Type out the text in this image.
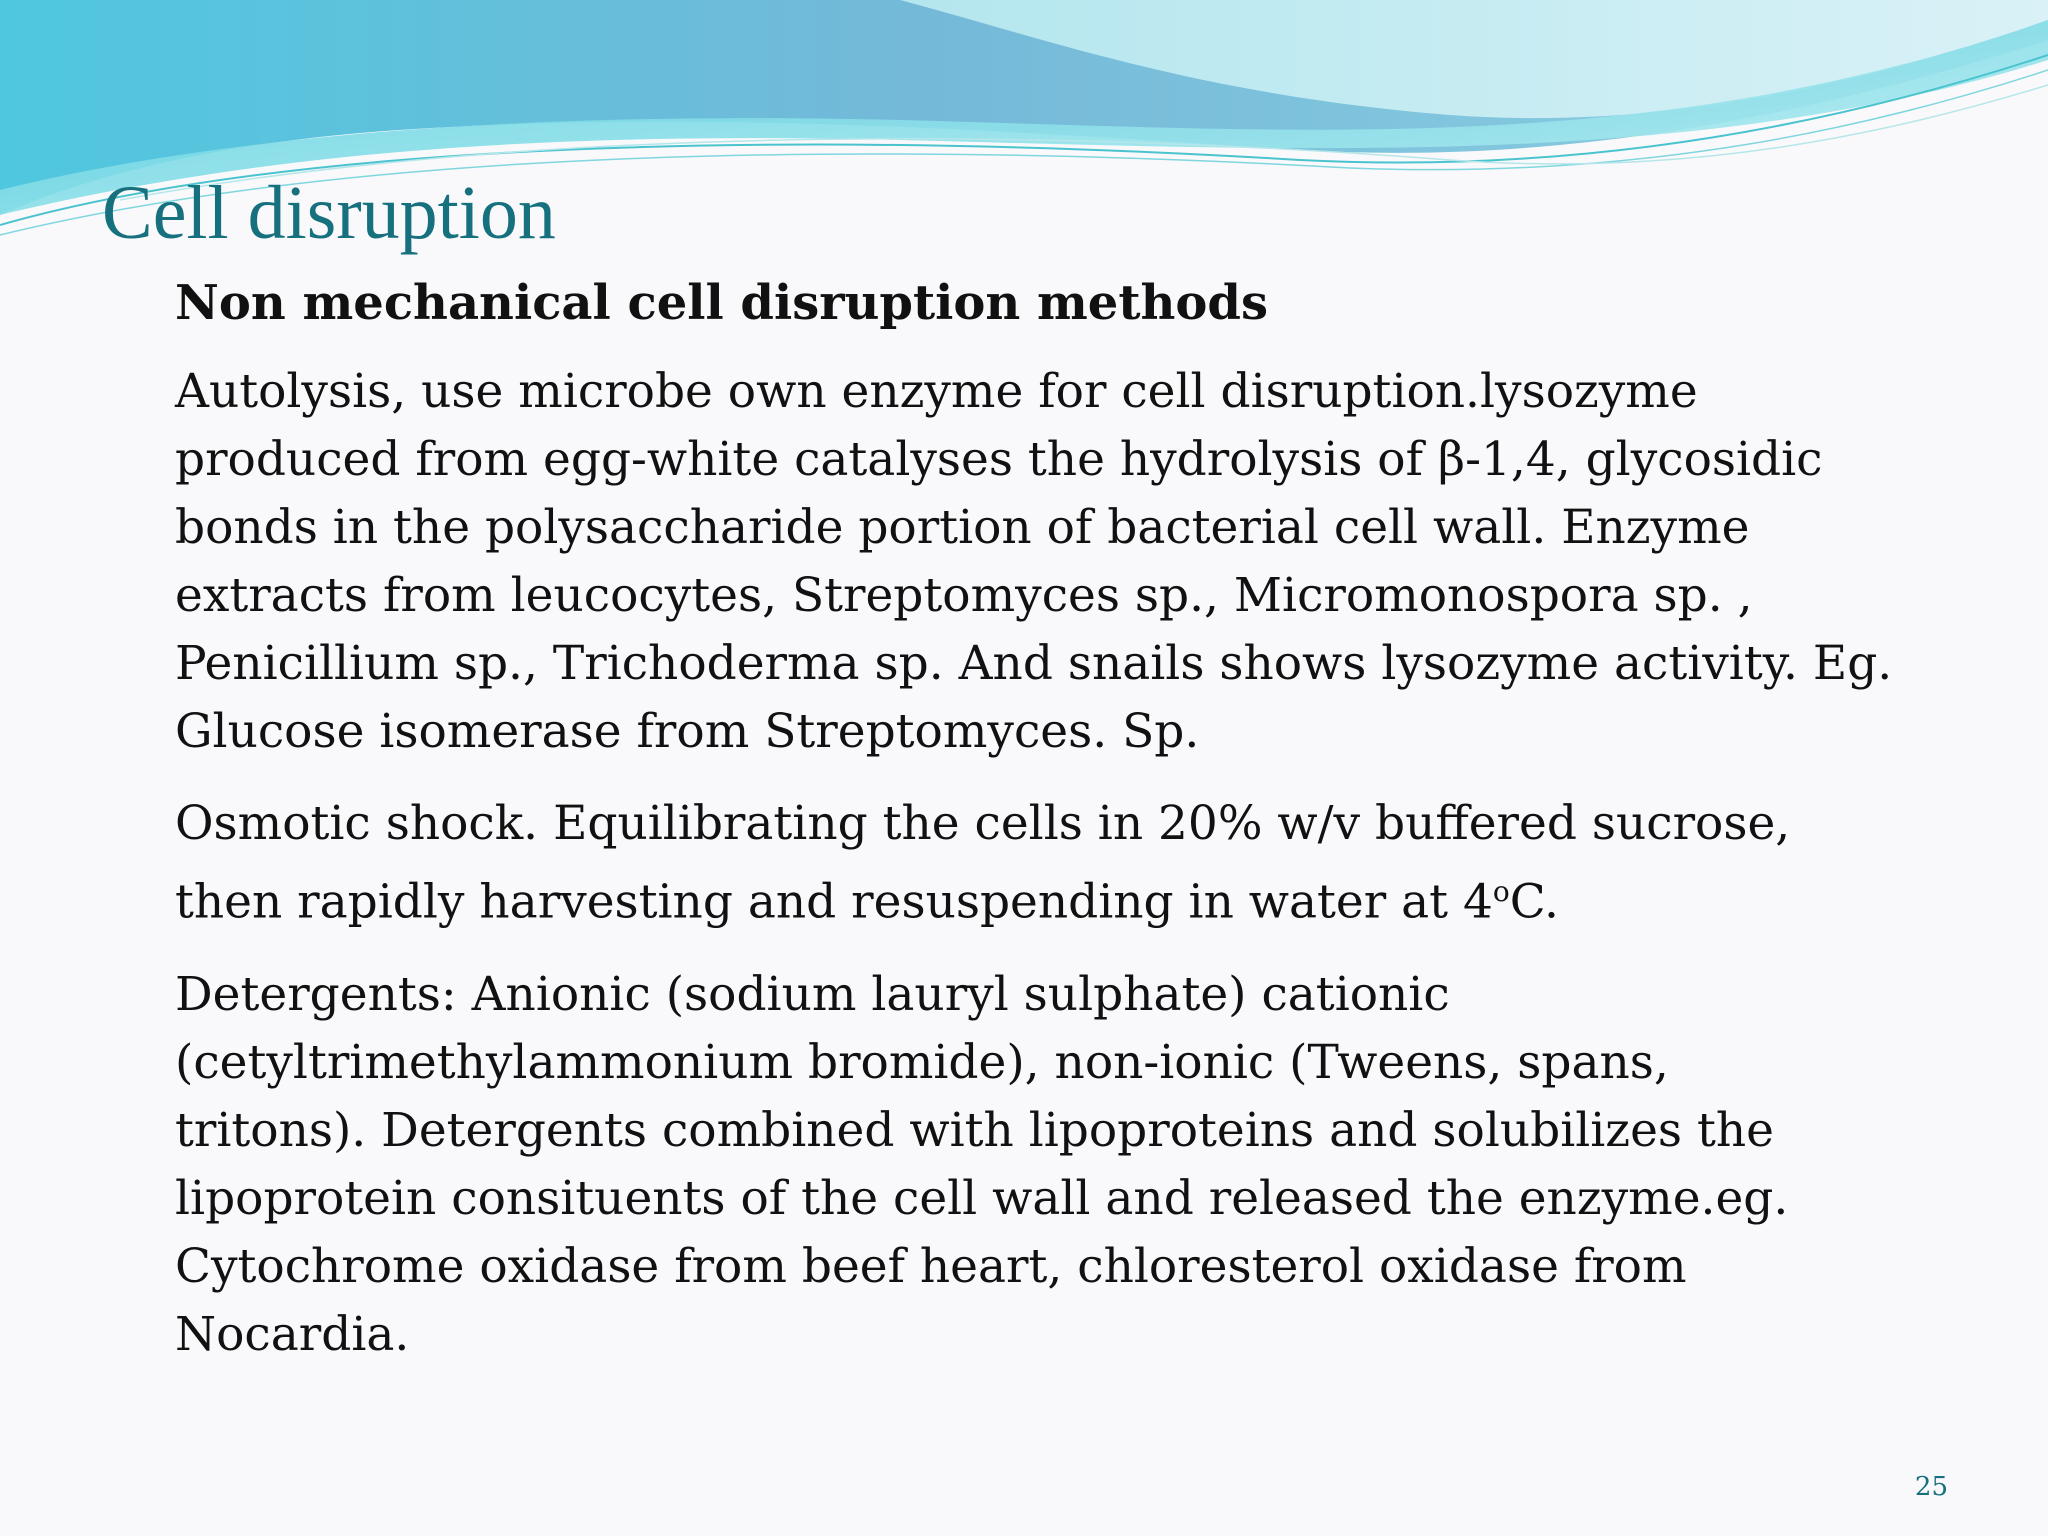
Cell disruption

Non mechanical cell disruption methods

Autolysis, use microbe own enzyme for cell disruption.lysozyme
produced from egg-white catalyses the hydrolysis of β-1,4, glycosidic
bonds in the polysaccharide portion of bacterial cell wall. Enzyme
extracts from leucocytes, Streptomyces sp., Micromonospora sp. ,
Penicillium sp., Trichoderma sp. And snails shows lysozyme activity. Eg.
Glucose isomerase from Streptomyces. Sp.

Osmotic shock. Equilibrating the cells in 20% w/v buffered sucrose,
then rapidly harvesting and resuspending in water at 4$^o$C.

Detergents: Anionic (sodium lauryl sulphate) cationic
(cetyltrimethylammonium bromide), non-ionic (Tweens, spans,
tritons). Detergents combined with lipoproteins and solubilizes the
lipoprotein consituents of the cell wall and released the enzyme.eg.
Cytochrome oxidase from beef heart, chloresterol oxidase from
Nocardia.

25
